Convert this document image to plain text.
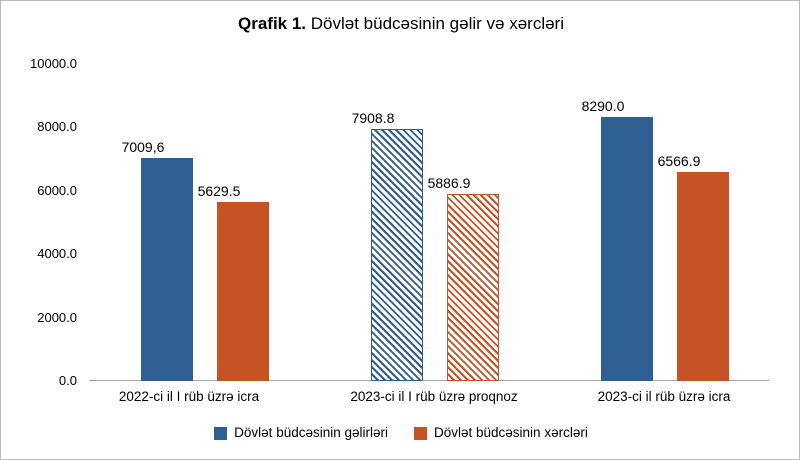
Qrafik 1. Dövlət büdcəsinin gəlir və xərcləri
10000.0
8000.0
6000.0
4000.0
2000.0
0.0
7009,6
5629.5
7908.8
5886.9
8290.0
6566.9
2022-ci il I rüb üzrə icra	2023-ci il I rüb üzrə proqnoz	2023-ci il rüb üzrə icra
Dövlət büdcəsinin gəlirləri	Dövlət büdcəsinin xərcləri
